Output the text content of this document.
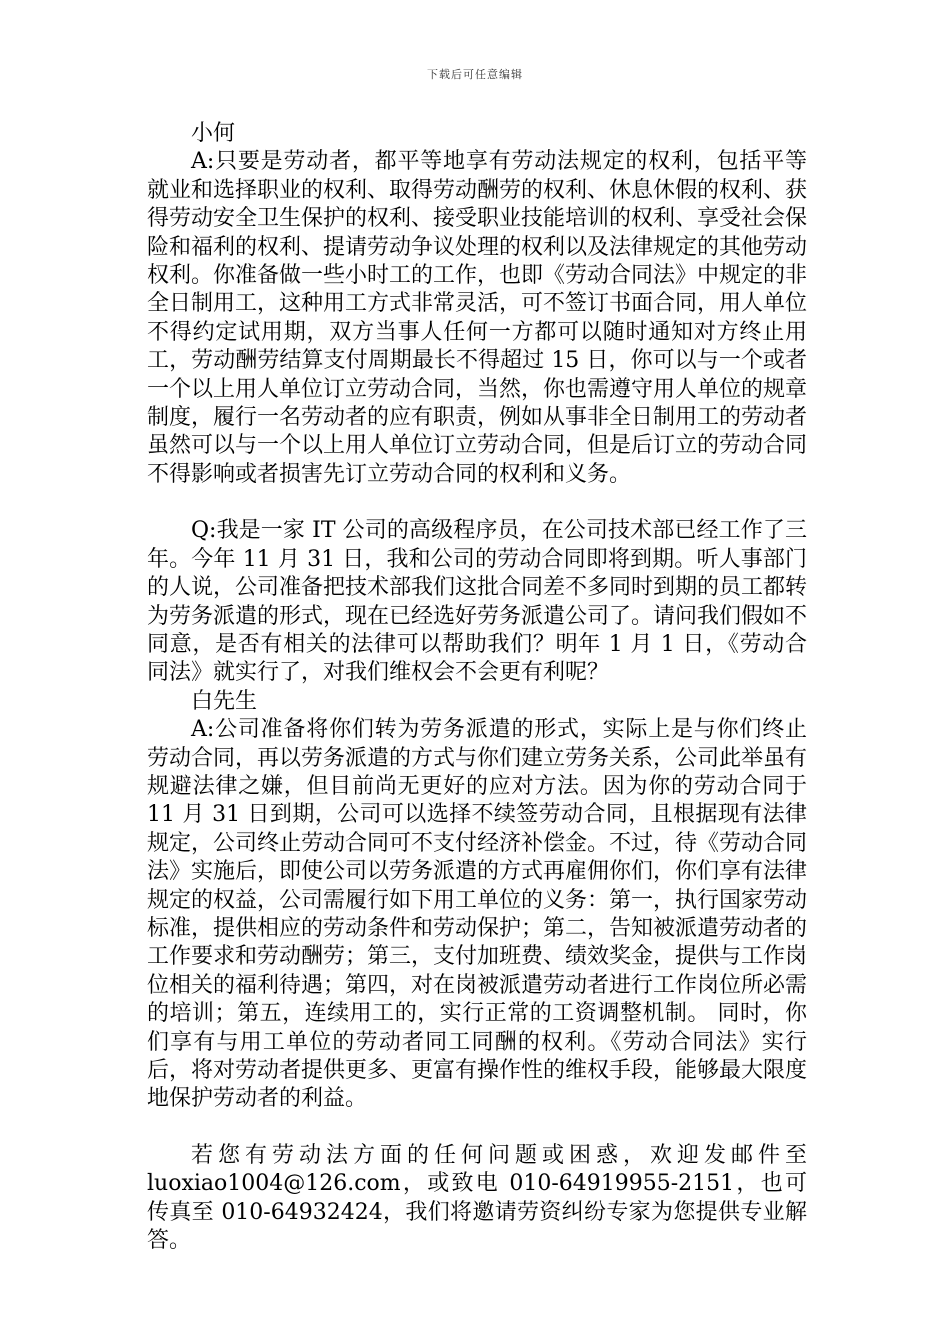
下载后可任意编辑

小何

A:只要是劳动者，都平等地享有劳动法规定的权利，包括平等就业和选择职业的权利、取得劳动酬劳的权利、休息休假的权利、获得劳动安全卫生保护的权利、接受职业技能培训的权利、享受社会保险和福利的权利、提请劳动争议处理的权利以及法律规定的其他劳动权利。你准备做一些小时工的工作，也即《劳动合同法》中规定的非全日制用工，这种用工方式非常灵活，可不签订书面合同，用人单位不得约定试用期，双方当事人任何一方都可以随时通知对方终止用工，劳动酬劳结算支付周期最长不得超过 15 日，你可以与一个或者一个以上用人单位订立劳动合同，当然，你也需遵守用人单位的规章制度，履行一名劳动者的应有职责，例如从事非全日制用工的劳动者虽然可以与一个以上用人单位订立劳动合同，但是后订立的劳动合同不得影响或者损害先订立劳动合同的权利和义务。

Q:我是一家 IT 公司的高级程序员，在公司技术部已经工作了三年。今年 11 月 31 日，我和公司的劳动合同即将到期。听人事部门的人说，公司准备把技术部我们这批合同差不多同时到期的员工都转为劳务派遣的形式，现在已经选好劳务派遣公司了。请问我们假如不同意，是否有相关的法律可以帮助我们？明年 1 月 1 日，《劳动合同法》就实行了，对我们维权会不会更有利呢？

白先生

A:公司准备将你们转为劳务派遣的形式，实际上是与你们终止劳动合同，再以劳务派遣的方式与你们建立劳务关系，公司此举虽有规避法律之嫌，但目前尚无更好的应对方法。因为你的劳动合同于 11 月 31 日到期，公司可以选择不续签劳动合同，且根据现有法律规定，公司终止劳动合同可不支付经济补偿金。不过，待《劳动合同法》实施后，即使公司以劳务派遣的方式再雇佣你们，你们享有法律规定的权益，公司需履行如下用工单位的义务：第一，执行国家劳动标准，提供相应的劳动条件和劳动保护；第二，告知被派遣劳动者的工作要求和劳动酬劳；第三，支付加班费、绩效奖金，提供与工作岗位相关的福利待遇；第四，对在岗被派遣劳动者进行工作岗位所必需的培训；第五，连续用工的，实行正常的工资调整机制。 同时，你们享有与用工单位的劳动者同工同酬的权利。《劳动合同法》实行后，将对劳动者提供更多、更富有操作性的维权手段，能够最大限度地保护劳动者的利益。

若您有劳动法方面的任何问题或困惑，欢迎发邮件至 luoxiao1004@126.com，或致电 010-64919955-2151，也可传真至 010-64932424，我们将邀请劳资纠纷专家为您提供专业解答。
